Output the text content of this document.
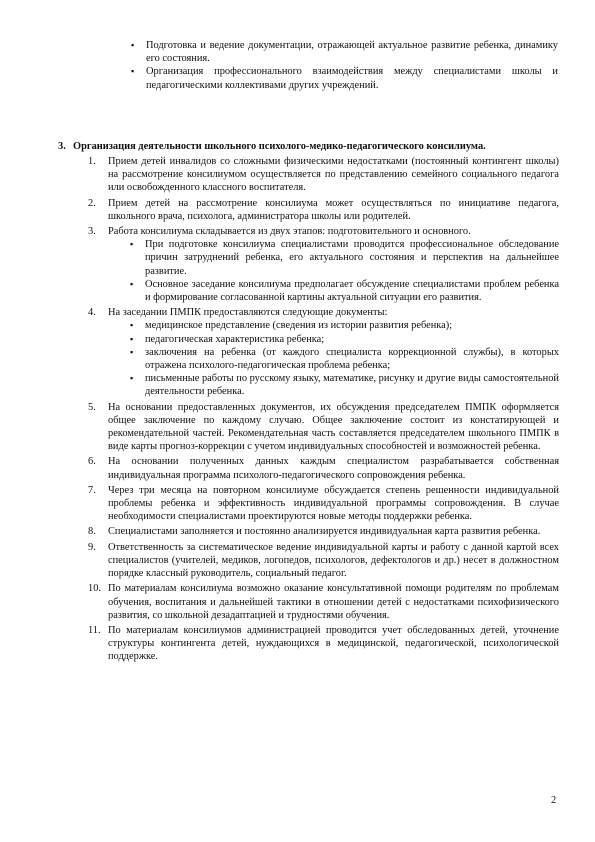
▪ Подготовка и ведение документации, отражающей актуальное развитие ребенка, динамику его состояния.
▪ Организация профессионального взаимодействия между специалистами школы и педагогическими коллективами других учреждений.
3. Организация деятельности школьного психолого-медико-педагогического консилиума.
1. Прием детей инвалидов со сложными физическими недостатками (постоянный контингент школы) на рассмотрение консилиумом осуществляется по представлению семейного социального педагога или освобожденного классного воспитателя.
2. Прием детей на рассмотрение консилиума может осуществляться по инициативе педагога, школьного врача, психолога, администратора школы или родителей.
3. Работа консилиума складывается из двух этапов: подготовительного и основного.
▪ При подготовке консилиума специалистами проводится профессиональное обследование причин затруднений ребенка, его актуального состояния и перспектив на дальнейшее развитие.
▪ Основное заседание консилиума предполагает обсуждение специалистами проблем ребенка и формирование согласованной картины актуальной ситуации его развития.
4. На заседании ПМПК предоставляются следующие документы:
▪ медицинское представление (сведения из истории развития ребенка);
▪ педагогическая характеристика ребенка;
▪ заключения на ребенка (от каждого специалиста коррекционной службы), в которых отражена психолого-педагогическая проблема ребенка;
▪ письменные работы по русскому языку, математике, рисунку и другие виды самостоятельной деятельности ребенка.
5. На основании предоставленных документов, их обсуждения председателем ПМПК оформляется общее заключение по каждому случаю. Общее заключение состоит из констатирующей и рекомендательной частей. Рекомендательная часть составляется председателем школьного ПМПК в виде карты прогноз-коррекции с учетом индивидуальных способностей и возможностей ребенка.
6. На основании полученных данных каждым специалистом разрабатывается собственная индивидуальная программа психолого-педагогического сопровождения ребенка.
7. Через три месяца на повторном консилиуме обсуждается степень решенности индивидуальной проблемы ребенка и эффективность индивидуальной программы сопровождения. В случае необходимости специалистами проектируются новые методы поддержки ребенка.
8. Специалистами заполняется и постоянно анализируется индивидуальная карта развития ребенка.
9. Ответственность за систематическое ведение индивидуальной карты и работу с данной картой всех специалистов (учителей, медиков, логопедов, психологов, дефектологов и др.) несет в должностном порядке классный руководитель, социальный педагог.
10. По материалам консилиума возможно оказание консультативной помощи родителям по проблемам обучения, воспитания и дальнейшей тактики в отношении детей с недостатками психофизического развития, со школьной дезадаптацией и трудностями обучения.
11. По материалам консилиумов администрацией проводится учет обследованных детей, уточнение структуры контингента детей, нуждающихся в медицинской, педагогической, психологической поддержке.
2
